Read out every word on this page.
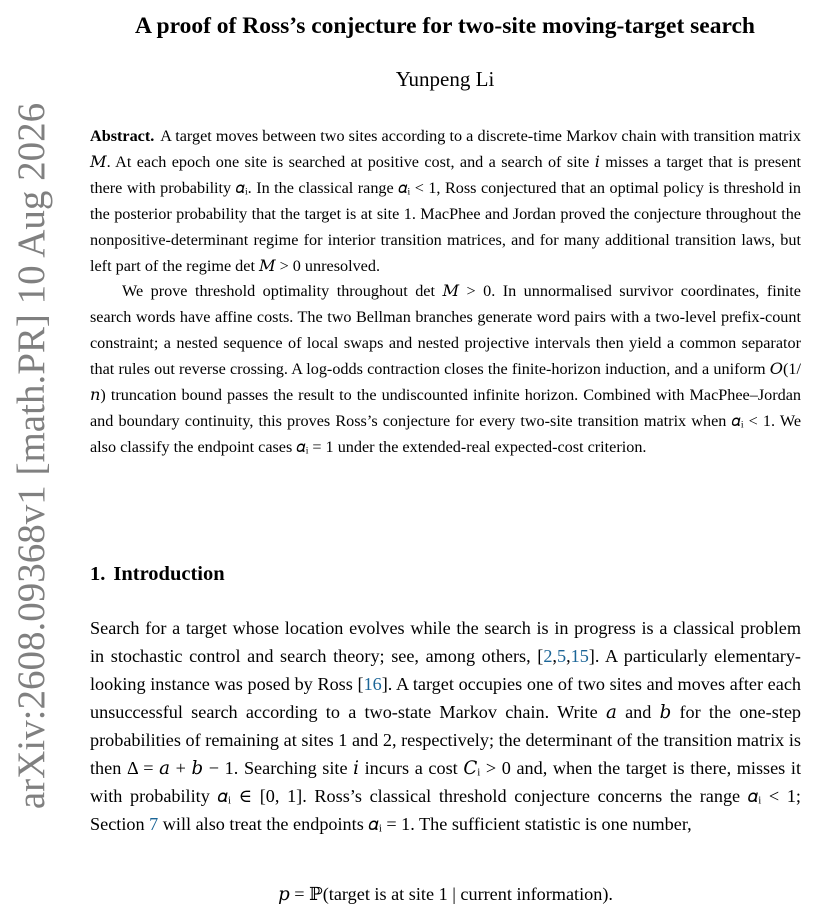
arXiv:2608.09368v1 [math.PR] 10 Aug 2026
A proof of Ross’s conjecture for two-site moving-target search
Yunpeng Li

Abstract. A target moves between two sites according to a discrete-time Markov chain with transition matrix 𝑀. At each epoch one site is searched at positive cost, and a search of site 𝑖 misses a target that is present there with probability 𝛼ᵢ. In the classical range 𝛼ᵢ < 1, Ross conjectured that an optimal policy is threshold in the posterior probability that the target is at site 1. MacPhee and Jordan proved the conjecture throughout the nonpositive-determinant regime for interior transition matrices, and for many additional transition laws, but left part of the regime det 𝑀 > 0 unresolved.

We prove threshold optimality throughout det 𝑀 > 0. In unnormalised survivor coordinates, finite search words have affine costs. The two Bellman branches generate word pairs with a two-level prefix-count constraint; a nested sequence of local swaps and nested projective intervals then yield a common separator that rules out reverse crossing. A log-odds contraction closes the finite-horizon induction, and a uniform 𝑂(1/𝑛) truncation bound passes the result to the undiscounted infinite horizon. Combined with MacPhee–Jordan and boundary continuity, this proves Ross’s conjecture for every two-site transition matrix when 𝛼ᵢ < 1. We also classify the endpoint cases 𝛼ᵢ = 1 under the extended-real expected-cost criterion.

1. Introduction

Search for a target whose location evolves while the search is in progress is a classical problem in stochastic control and search theory; see, among others, [2,5,15]. A particularly elementary-looking instance was posed by Ross [16]. A target occupies one of two sites and moves after each unsuccessful search according to a two-state Markov chain. Write 𝑎 and 𝑏 for the one-step probabilities of remaining at sites 1 and 2, respectively; the determinant of the transition matrix is then Δ = 𝑎 + 𝑏 − 1. Searching site 𝑖 incurs a cost 𝐶ᵢ > 0 and, when the target is there, misses it with probability 𝛼ᵢ ∈ [0, 1]. Ross’s classical threshold conjecture concerns the range 𝛼ᵢ < 1; Section 7 will also treat the endpoints 𝛼ᵢ = 1. The sufficient statistic is one number,

𝑝 = ℙ(target is at site 1 | current information).
